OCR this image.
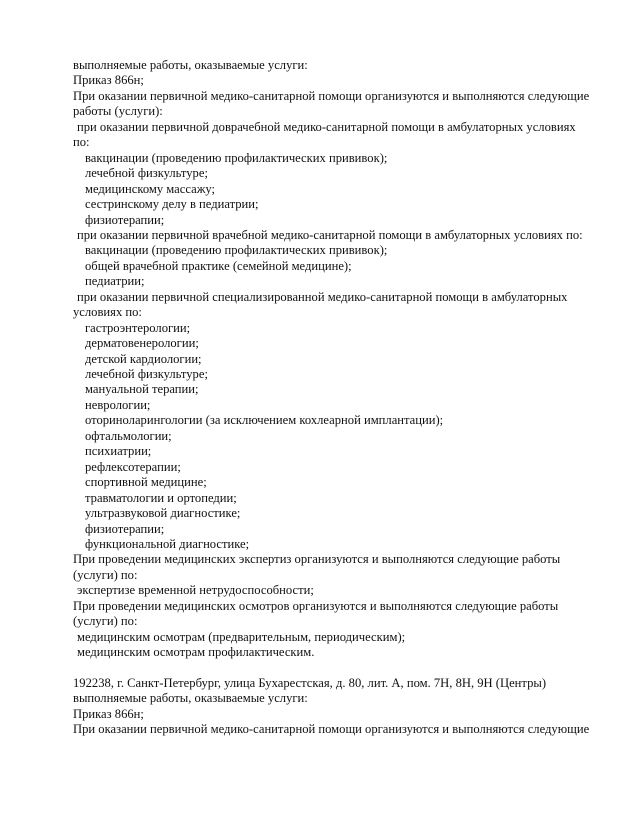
выполняемые работы, оказываемые услуги:
Приказ 866н;
При оказании первичной медико-санитарной помощи организуются и выполняются следующие
работы (услуги):
при оказании первичной доврачебной медико-санитарной помощи в амбулаторных условиях
по:
вакцинации (проведению профилактических прививок);
лечебной физкультуре;
медицинскому массажу;
сестринскому делу в педиатрии;
физиотерапии;
при оказании первичной врачебной медико-санитарной помощи в амбулаторных условиях по:
вакцинации (проведению профилактических прививок);
общей врачебной практике (семейной медицине);
педиатрии;
при оказании первичной специализированной медико-санитарной помощи в амбулаторных
условиях по:
гастроэнтерологии;
дерматовенерологии;
детской кардиологии;
лечебной физкультуре;
мануальной терапии;
неврологии;
оториноларингологии (за исключением кохлеарной имплантации);
офтальмологии;
психиатрии;
рефлексотерапии;
спортивной медицине;
травматологии и ортопедии;
ультразвуковой диагностике;
физиотерапии;
функциональной диагностике;
При проведении медицинских экспертиз организуются и выполняются следующие работы
(услуги) по:
экспертизе временной нетрудоспособности;
При проведении медицинских осмотров организуются и выполняются следующие работы
(услуги) по:
медицинским осмотрам (предварительным, периодическим);
медицинским осмотрам профилактическим.
192238, г. Санкт-Петербург, улица Бухарестская, д. 80, лит. А, пом. 7Н, 8Н, 9Н (Центры)
выполняемые работы, оказываемые услуги:
Приказ 866н;
При оказании первичной медико-санитарной помощи организуются и выполняются следующие
